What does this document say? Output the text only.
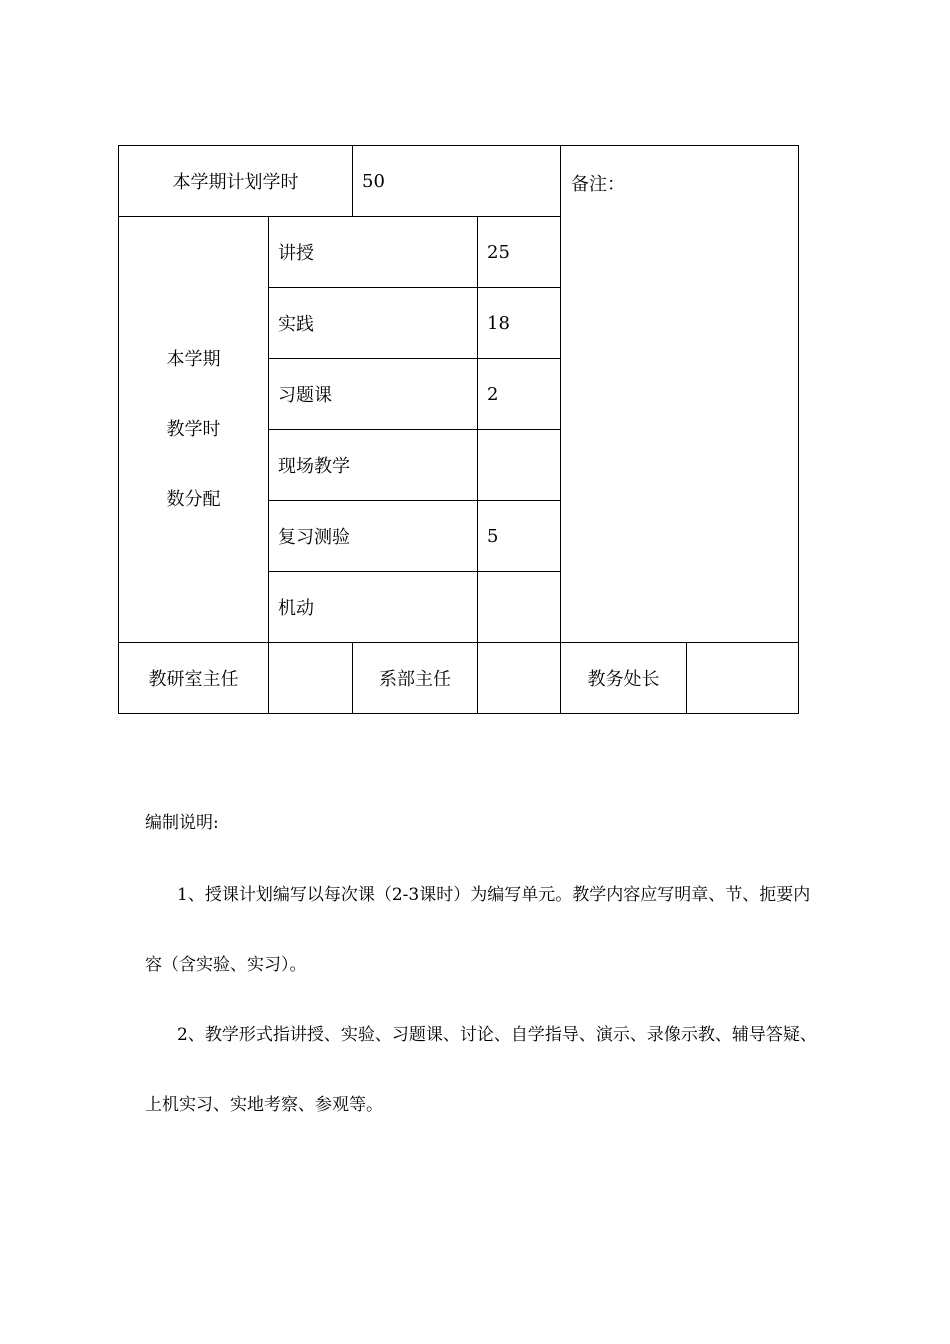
本学期计划学时		50		备注：	

本学期
教学时
数分配	讲授		25		
	实践		18		
	习题课		2		
	现场教学				
	复习测验		5		
	机动				
教研室主任		系部主任		教务处长	

编制说明:

1、授课计划编写以每次课（2-3课时）为编写单元。教学内容应写明章、节、扼要内

容（含实验、实习）。

2、教学形式指讲授、实验、习题课、讨论、自学指导、演示、录像示教、辅导答疑、

上机实习、实地考察、参观等。
